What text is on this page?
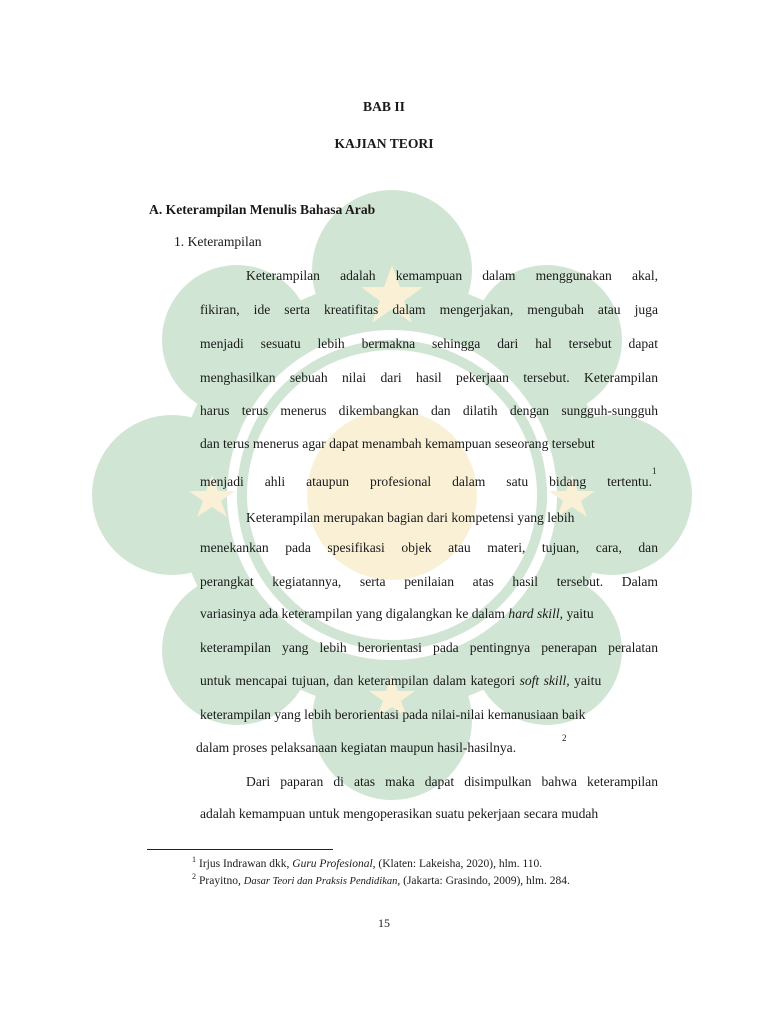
BAB II
KAJIAN TEORI
A. Keterampilan Menulis Bahasa Arab
1. Keterampilan
Keterampilan adalah kemampuan dalam menggunakan akal,
fikiran, ide serta kreatifitas dalam mengerjakan, mengubah atau juga
menjadi sesuatu lebih bermakna sehingga dari hal tersebut dapat
menghasilkan sebuah nilai dari hasil pekerjaan tersebut. Keterampilan
harus terus menerus dikembangkan dan dilatih dengan sungguh-sungguh
dan terus menerus agar dapat menambah kemampuan seseorang tersebut
menjadi ahli ataupun profesional dalam satu bidang tertentu.
1
Keterampilan merupakan bagian dari kompetensi yang lebih
menekankan pada spesifikasi objek atau materi, tujuan, cara, dan
perangkat kegiatannya, serta penilaian atas hasil tersebut. Dalam
variasinya ada keterampilan yang digalangkan ke dalam hard skill, yaitu
keterampilan yang lebih berorientasi pada pentingnya penerapan peralatan
untuk mencapai tujuan, dan keterampilan dalam kategori soft skill, yaitu
keterampilan yang lebih berorientasi pada nilai-nilai kemanusiaan baik
dalam proses pelaksanaan kegiatan maupun hasil-hasilnya.
2
Dari paparan di atas maka dapat disimpulkan bahwa keterampilan
adalah kemampuan untuk mengoperasikan suatu pekerjaan secara mudah
$^1$ Irjus Indrawan dkk, Guru Profesional, (Klaten: Lakeisha, 2020), hlm. 110.
$^2$ Prayitno, Dasar Teori dan Praksis Pendidikan, (Jakarta: Grasindo, 2009), hlm. 284.
15
